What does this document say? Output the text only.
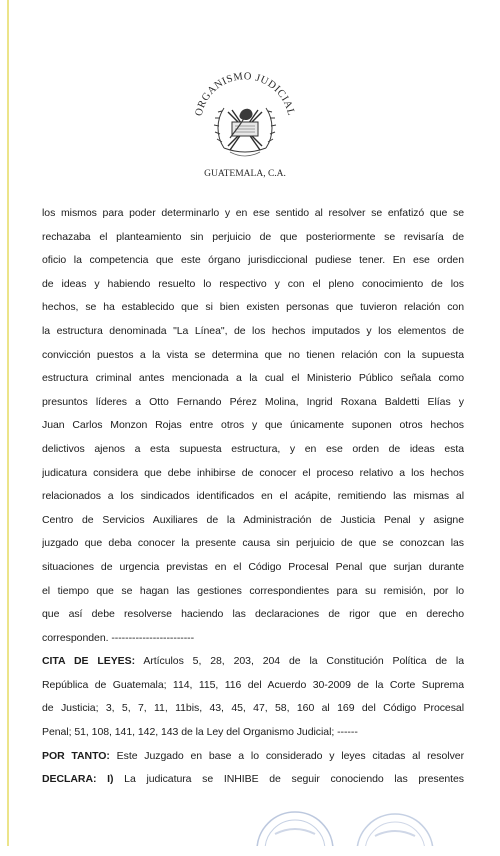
ORGANISMO JUDICIAL
GUATEMALA, C.A.
los mismos para poder determinarlo y en ese sentido al resolver se enfatizó que se
rechazaba el planteamiento sin perjuicio de que posteriormente se revisaría de
oficio la competencia que este órgano jurisdiccional pudiese tener. En ese orden
de ideas y habiendo resuelto lo respectivo y con el pleno conocimiento de los
hechos, se ha establecido que si bien existen personas que tuvieron relación con
la estructura denominada "La Línea", de los hechos imputados y los elementos de
convicción puestos a la vista se determina que no tienen relación con la supuesta
estructura criminal antes mencionada a la cual el Ministerio Público señala como
presuntos líderes a Otto Fernando Pérez Molina, Ingrid Roxana Baldetti Elías y
Juan Carlos Monzon Rojas entre otros y que únicamente suponen otros hechos
delictivos ajenos a esta supuesta estructura, y en ese orden de ideas esta
judicatura considera que debe inhibirse de conocer el proceso relativo a los hechos
relacionados a los sindicados identificados en el acápite, remitiendo las mismas al
Centro de Servicios Auxiliares de la Administración de Justicia Penal y asigne
juzgado que deba conocer la presente causa sin perjuicio de que se conozcan las
situaciones de urgencia previstas en el Código Procesal Penal que surjan durante
el tiempo que se hagan las gestiones correspondientes para su remisión, por lo
que así debe resolverse haciendo las declaraciones de rigor que en derecho
corresponden. ------------------------
CITA DE LEYES: Artículos 5, 28, 203, 204 de la Constitución Política de la
República de Guatemala; 114, 115, 116 del Acuerdo 30-2009 de la Corte Suprema
de Justicia; 3, 5, 7, 11, 11bis, 43, 45, 47, 58, 160 al 169 del Código Procesal
Penal; 51, 108, 141, 142, 143 de la Ley del Organismo Judicial; ------
POR TANTO: Este Juzgado en base a lo considerado y leyes citadas al resolver
DECLARA: I) La judicatura se INHIBE de seguir conociendo las presentes
